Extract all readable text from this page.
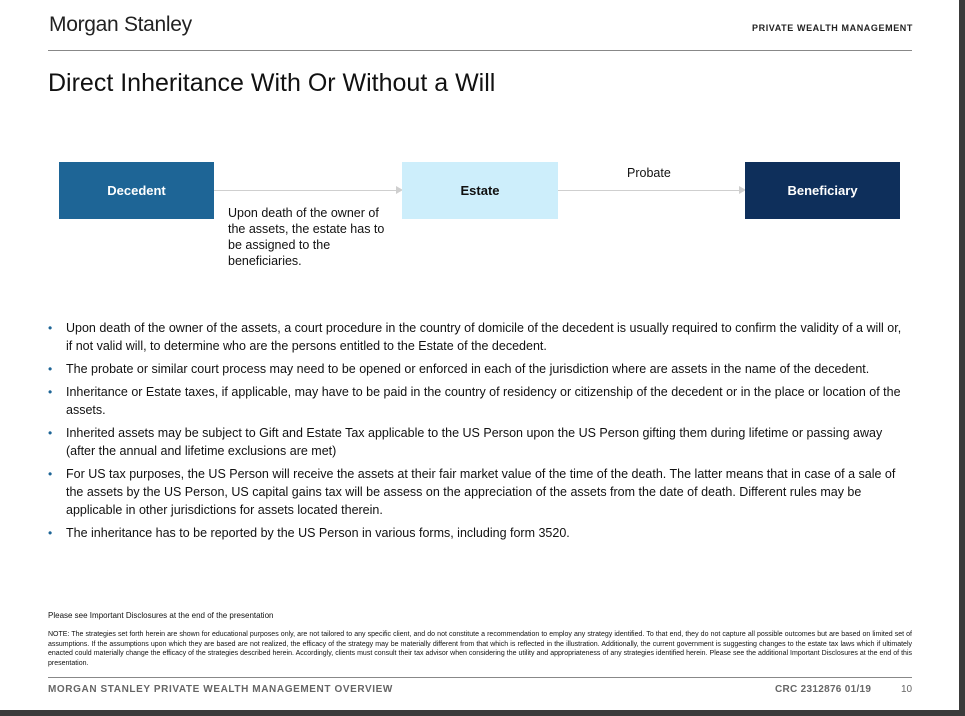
Morgan Stanley	PRIVATE WEALTH MANAGEMENT
Direct Inheritance With Or Without a Will
Decedent	Estate	Beneficiary
Upon death of the owner of the assets, the estate has to be assigned to the beneficiaries.
Probate
• Upon death of the owner of the assets, a court procedure in the country of domicile of the decedent is usually required to confirm the validity of a will or, if not valid will, to determine who are the persons entitled to the Estate of the decedent.
• The probate or similar court process may need to be opened or enforced in each of the jurisdiction where are assets in the name of the decedent.
• Inheritance or Estate taxes, if applicable, may have to be paid in the country of residency or citizenship of the decedent or in the place or location of the assets.
• Inherited assets may be subject to Gift and Estate Tax applicable to the US Person upon the US Person gifting them during lifetime or passing away (after the annual and lifetime exclusions are met)
• For US tax purposes, the US Person will receive the assets at their fair market value of the time of the death. The latter means that in case of a sale of the assets by the US Person, US capital gains tax will be assess on the appreciation of the assets from the date of death. Different rules may be applicable in other jurisdictions for assets located therein.
• The inheritance has to be reported by the US Person in various forms, including form 3520.
Please see Important Disclosures at the end of the presentation
NOTE: The strategies set forth herein are shown for educational purposes only, are not tailored to any specific client, and do not constitute a recommendation to employ any strategy identified. To that end, they do not capture all possible outcomes but are based on limited set of assumptions. If the assumptions upon which they are based are not realized, the efficacy of the strategy may be materially different from that which is reflected in the illustration. Additionally, the current government is suggesting changes to the estate tax laws which if ultimately enacted could materially change the efficacy of the strategies described herein. Accordingly, clients must consult their tax advisor when considering the utility and appropriateness of any strategies identified herein. Please see the additional Important Disclosures at the end of this presentation.
MORGAN STANLEY PRIVATE WEALTH MANAGEMENT OVERVIEW	CRC 2312876 01/19	10
